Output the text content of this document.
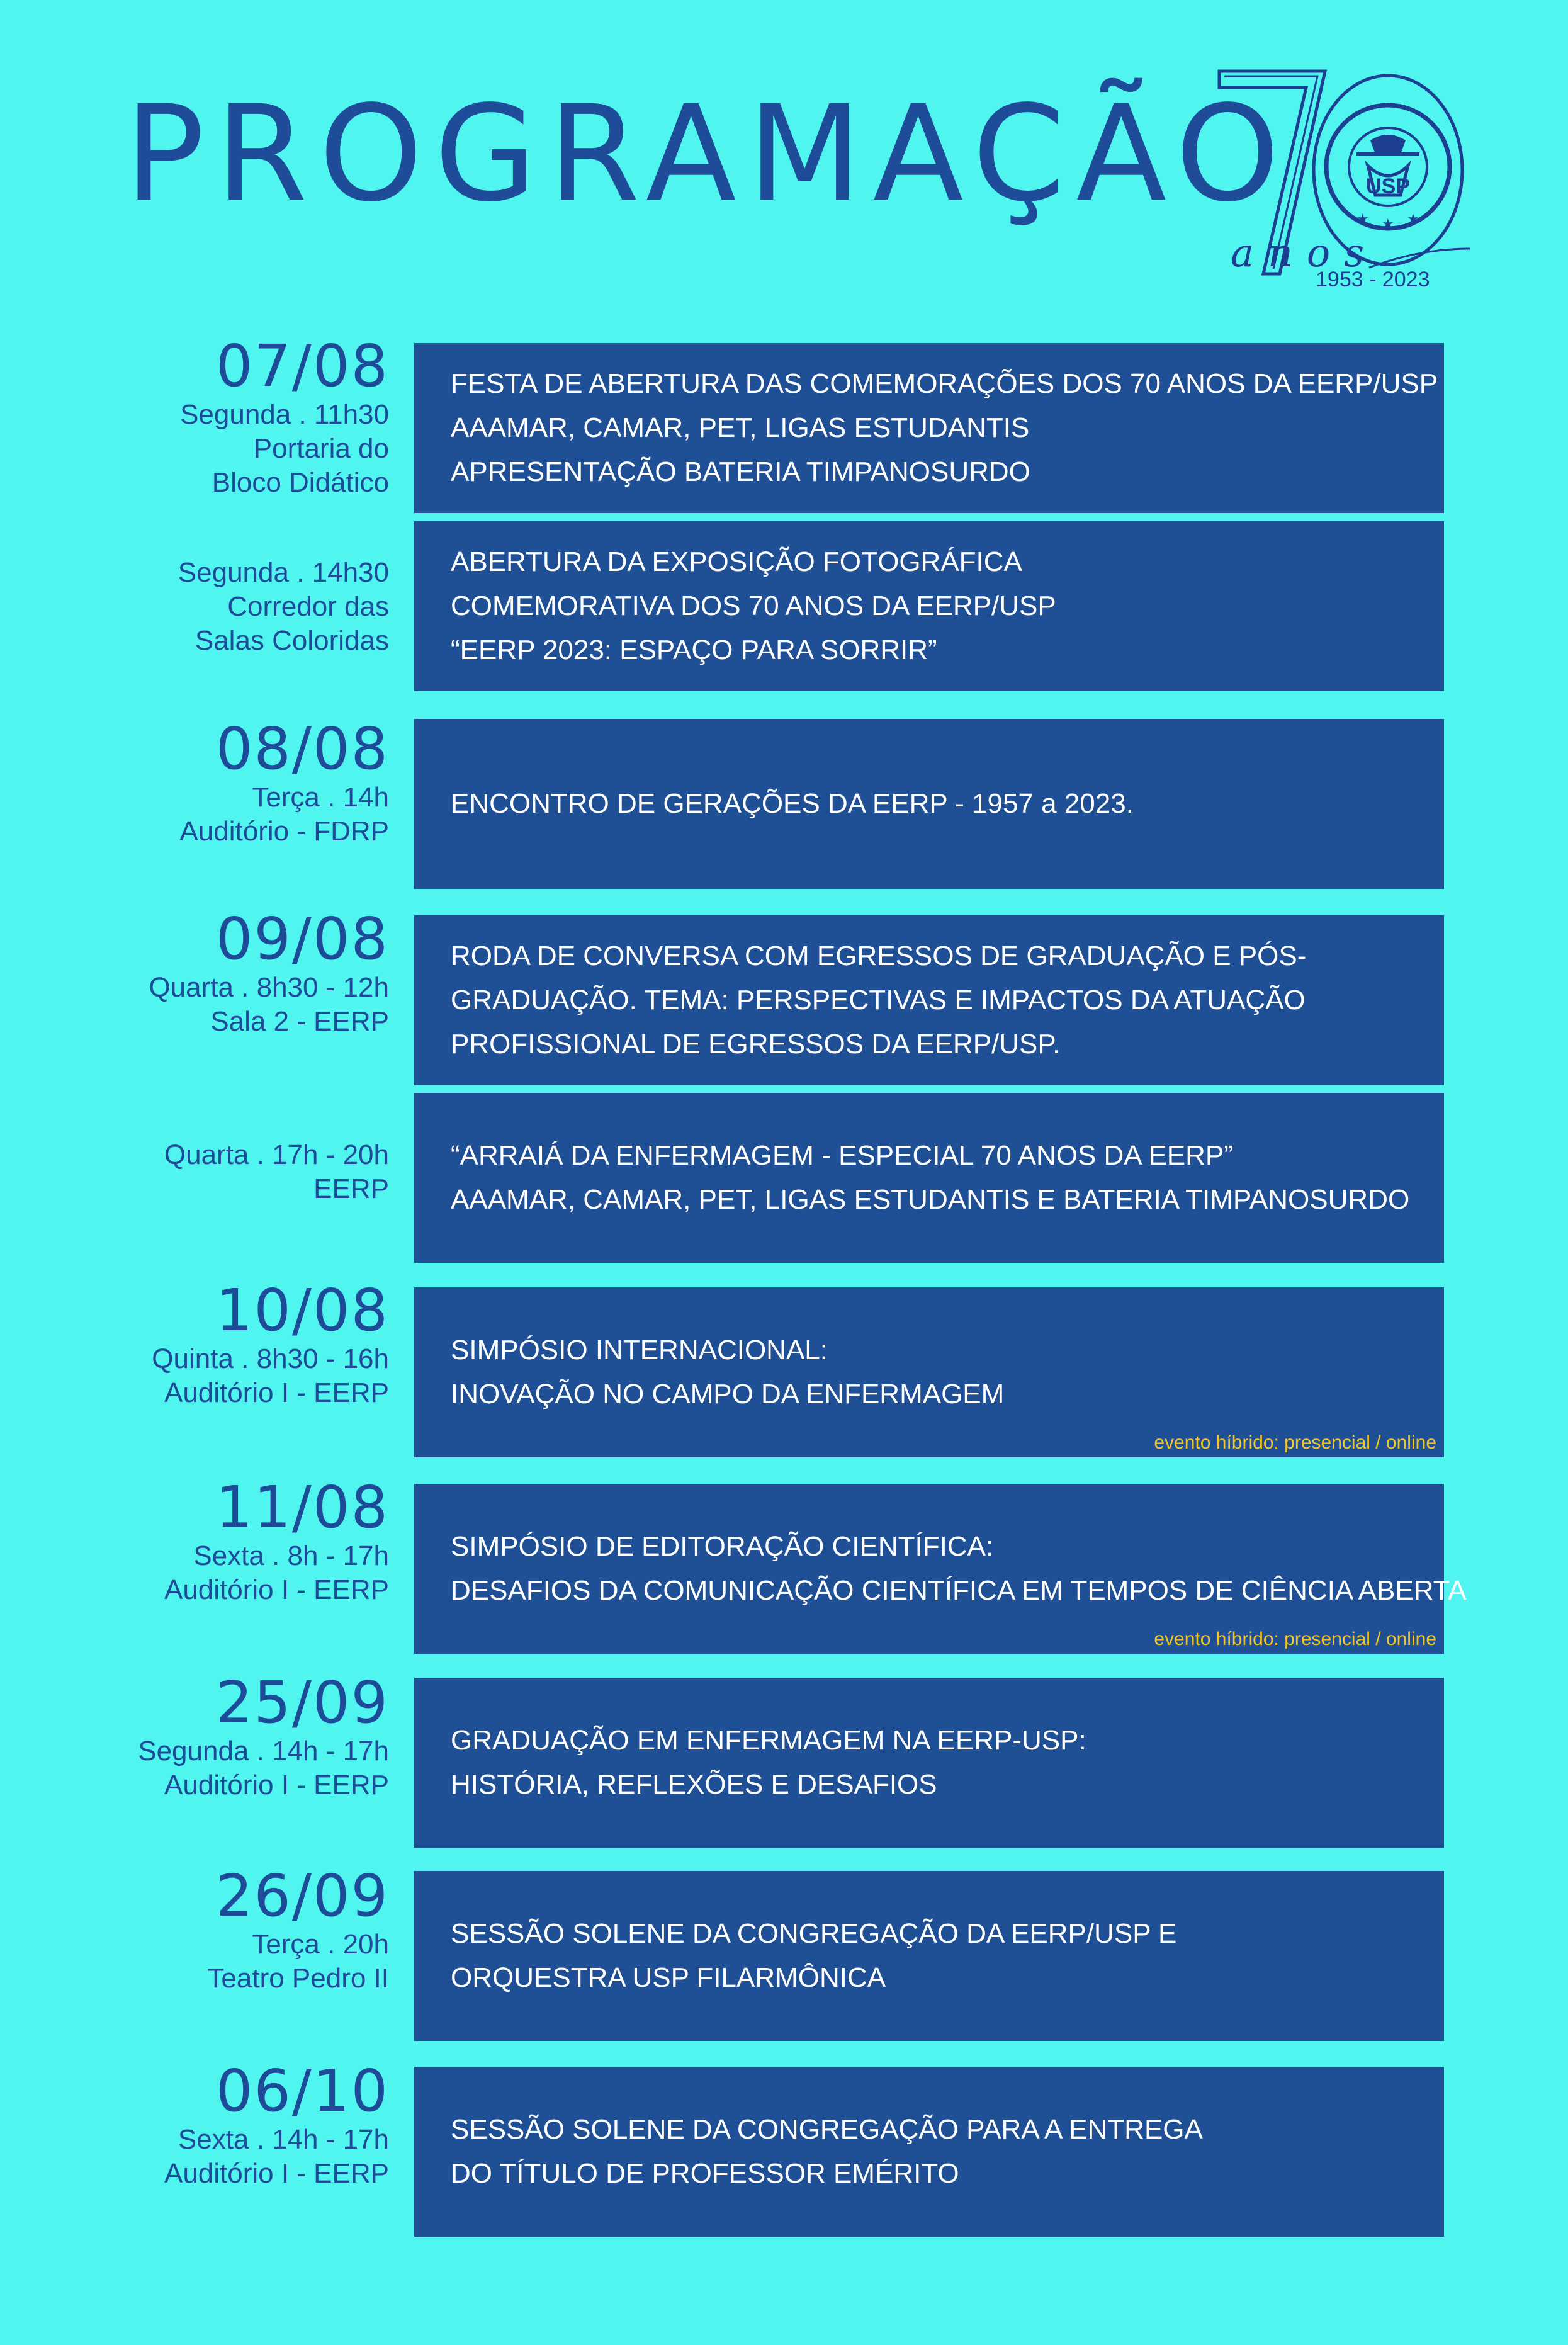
PROGRAMAÇÃO	USP
★ ★ ★
anos
1953 - 2023
07/08
Segunda . 11h30
Portaria do
Bloco Didático
FESTA DE ABERTURA DAS COMEMORAÇÕES DOS 70 ANOS DA EERP/USP
AAAMAR, CAMAR, PET, LIGAS ESTUDANTIS
APRESENTAÇÃO BATERIA TIMPANOSURDO
Segunda . 14h30
Corredor das
Salas Coloridas
ABERTURA DA EXPOSIÇÃO FOTOGRÁFICA
COMEMORATIVA DOS 70 ANOS DA EERP/USP
“EERP 2023: ESPAÇO PARA SORRIR”
08/08
Terça . 14h
Auditório - FDRP
ENCONTRO DE GERAÇÕES DA EERP - 1957 a 2023.
09/08
Quarta . 8h30 - 12h
Sala 2 - EERP
RODA DE CONVERSA COM EGRESSOS DE GRADUAÇÃO E PÓS-
GRADUAÇÃO. TEMA: PERSPECTIVAS E IMPACTOS DA ATUAÇÃO
PROFISSIONAL DE EGRESSOS DA EERP/USP.
Quarta . 17h - 20h
EERP
“ARRAIÁ DA ENFERMAGEM - ESPECIAL 70 ANOS DA EERP”
AAAMAR, CAMAR, PET, LIGAS ESTUDANTIS E BATERIA TIMPANOSURDO
10/08
Quinta . 8h30 - 16h
Auditório I - EERP
SIMPÓSIO INTERNACIONAL:
INOVAÇÃO NO CAMPO DA ENFERMAGEM
evento híbrido: presencial / online
11/08
Sexta . 8h - 17h
Auditório I - EERP
SIMPÓSIO DE EDITORAÇÃO CIENTÍFICA:
DESAFIOS DA COMUNICAÇÃO CIENTÍFICA EM TEMPOS DE CIÊNCIA ABERTA
evento híbrido: presencial / online
25/09
Segunda . 14h - 17h
Auditório I - EERP
GRADUAÇÃO EM ENFERMAGEM NA EERP-USP:
HISTÓRIA, REFLEXÕES E DESAFIOS
26/09
Terça . 20h
Teatro Pedro II
SESSÃO SOLENE DA CONGREGAÇÃO DA EERP/USP E
ORQUESTRA USP FILARMÔNICA
06/10
Sexta . 14h - 17h
Auditório I - EERP
SESSÃO SOLENE DA CONGREGAÇÃO PARA A ENTREGA
DO TÍTULO DE PROFESSOR EMÉRITO
